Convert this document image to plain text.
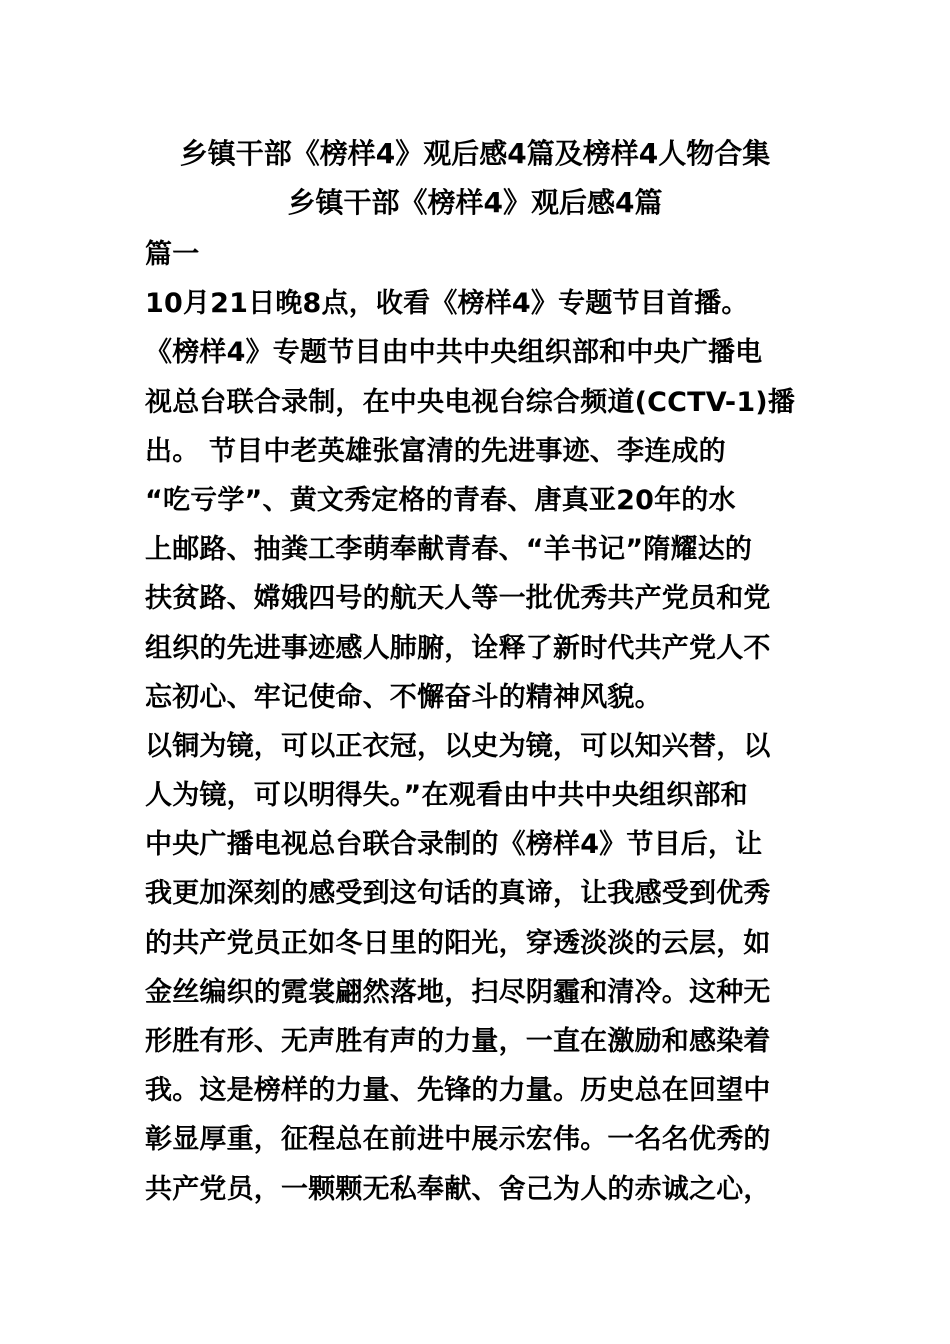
乡镇干部《榜样4》观后感4篇及榜样4人物合集
乡镇干部《榜样4》观后感4篇
篇一
10月21日晚8点，收看《榜样4》专题节目首播。
《榜样4》专题节目由中共中央组织部和中央广播电
视总台联合录制，在中央电视台综合频道(CCTV-1)播
出。 节目中老英雄张富清的先进事迹、李连成的
“吃亏学”、黄文秀定格的青春、唐真亚20年的水
上邮路、抽粪工李萌奉献青春、“羊书记”隋耀达的
扶贫路、嫦娥四号的航天人等一批优秀共产党员和党
组织的先进事迹感人肺腑，诠释了新时代共产党人不
忘初心、牢记使命、不懈奋斗的精神风貌。
以铜为镜，可以正衣冠，以史为镜，可以知兴替，以
人为镜，可以明得失。”在观看由中共中央组织部和
中央广播电视总台联合录制的《榜样4》节目后，让
我更加深刻的感受到这句话的真谛，让我感受到优秀
的共产党员正如冬日里的阳光，穿透淡淡的云层，如
金丝编织的霓裳翩然落地，扫尽阴霾和清冷。这种无
形胜有形、无声胜有声的力量，一直在激励和感染着
我。这是榜样的力量、先锋的力量。历史总在回望中
彰显厚重，征程总在前进中展示宏伟。一名名优秀的
共产党员，一颗颗无私奉献、舍己为人的赤诚之心，
